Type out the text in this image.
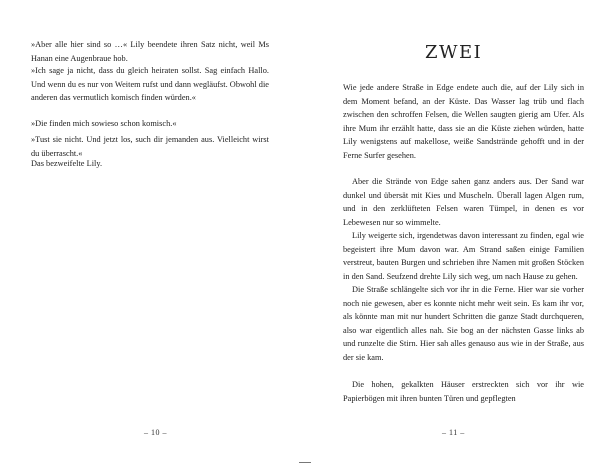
»Aber alle hier sind so …« Lily beendete ihren Satz nicht, weil Ms Hanan eine Augenbraue hob.

»Ich sage ja nicht, dass du gleich heiraten sollst. Sag einfach Hallo. Und wenn du es nur von Weitem rufst und dann wegläufst. Obwohl die anderen das vermutlich komisch finden würden.«

»Die finden mich sowieso schon komisch.«

»Tust sie nicht. Und jetzt los, such dir jemanden aus. Vielleicht wirst du überrascht.«

Das bezweifelte Lily.

– 10 –
ZWEI

Wie jede andere Straße in Edge endete auch die, auf der Lily sich in dem Moment befand, an der Küste. Das Wasser lag trüb und flach zwischen den schroffen Felsen, die Wellen saugten gierig am Ufer. Als ihre Mum ihr erzählt hatte, dass sie an die Küste ziehen würden, hatte Lily wenigstens auf makellose, weiße Sandstrände gehofft und in der Ferne Surfer gesehen.

Aber die Strände von Edge sahen ganz anders aus. Der Sand war dunkel und übersät mit Kies und Muscheln. Überall lagen Algen rum, und in den zerklüfteten Felsen waren Tümpel, in denen es vor Lebewesen nur so wimmelte.

Lily weigerte sich, irgendetwas davon interessant zu finden, egal wie begeistert ihre Mum davon war. Am Strand saßen einige Familien verstreut, bauten Burgen und schrieben ihre Namen mit großen Stöcken in den Sand. Seufzend drehte Lily sich weg, um nach Hause zu gehen.

Die Straße schlängelte sich vor ihr in die Ferne. Hier war sie vorher noch nie gewesen, aber es konnte nicht mehr weit sein. Es kam ihr vor, als könnte man mit nur hundert Schritten die ganze Stadt durchqueren, also war eigentlich alles nah. Sie bog an der nächsten Gasse links ab und runzelte die Stirn. Hier sah alles genauso aus wie in der Straße, aus der sie kam.

Die hohen, gekalkten Häuser erstreckten sich vor ihr wie Papierbögen mit ihren bunten Türen und gepflegten

– 11 –
